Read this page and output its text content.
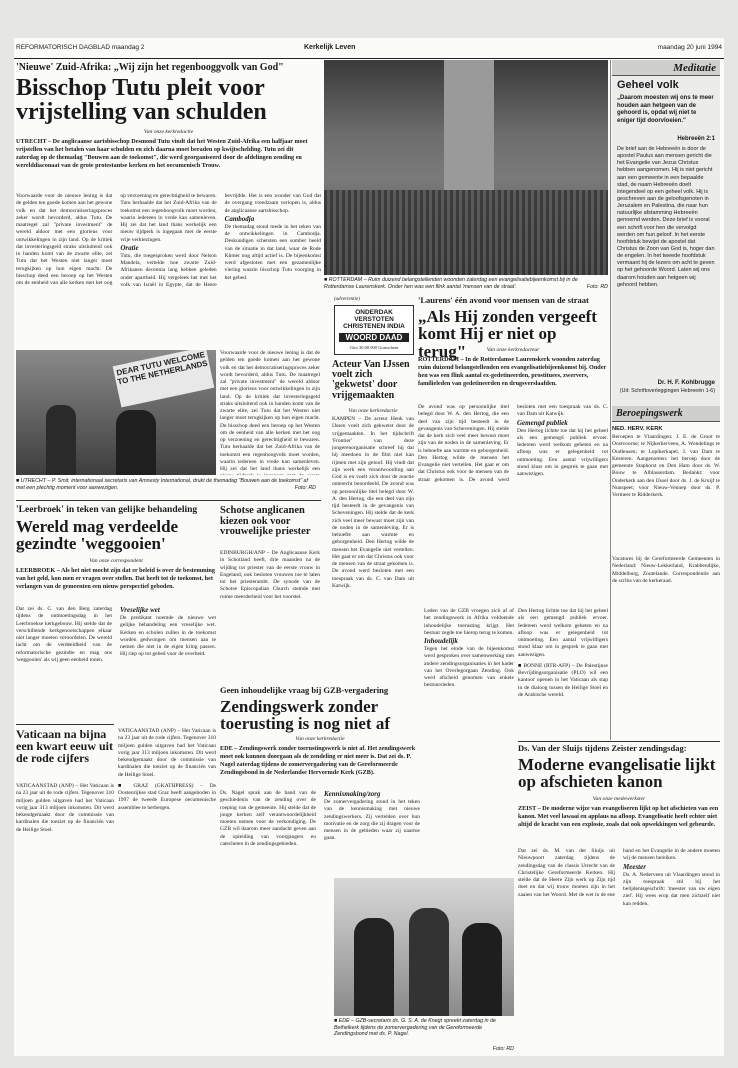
REFORMATORISCH DAGBLAD maandag 2	Kerkelijk Leven	maandag 20 juni 1994
'Nieuwe' Zuid-Afrika: „Wij zijn het regenbooggvolk van God"
Bisschop Tutu pleit voor vrijstelling van schulden
Van onze kerkredactie
UTRECHT – De anglicaanse aartsbisschop Desmond Tutu vindt dat het Westen Zuid-Afrika een halfjaar moet vrijstellen van het betalen van haar schulden en zich daarna moet beraden op kwijtschelding. Tutu zei dit zaterdag op de themadag "Bouwen aan de toekomst", die werd georganiseerd door de afdelingen zending en werelddiaconaat van de grote protestantse kerken en het oecumenisch Trouw.
Voorwaarde voor de nieuwe lening is dat de gelden ten goede komen aan het gewone volk en dat het democratiseringsproces zeker wordt bevorderd, aldus Tutu. De maatregel zal "private investment" de wereld aldoor met een glorieus voor ontwikkelingen in zijn land. Op de kritiek dat investeringsgeld straks uitsluitend ook in handen komt van de zwarte elite, zei Tutu dat het Westen niet langer moet terugkijken op hun eigen macht. De bisschop deed een beroep op het Westen om de eenheid van alle kerken met het oog op verzoening en gerechtigheid te bewaren. Tutu herhaalde dat het Zuid-Afrika van de toekomst een regenboogvolk moet worden, waarin iedereen in vrede kan samenleven. Hij zei dat het land thans werkelijk een nieuw tijdperk is ingegaan met de eerste vrije verkiezingen.
Oratie
Tutu, die toegesproken werd door Nelson Mandela, vertelde hoe zwarte Zuid-Afrikanen decennia lang hebben geleden onder apartheid. Hij vergeleek het met het volk van Israël in Egypte, dat de Heere bevrijdde. Het is een wonder van God dat de overgang vreedzaam verlopen is, aldus de anglicaanse aartsbisschop.
Cambodja
De themadag stond mede in het teken van de ontwikkelingen in Cambodja. Deskundigen schetsten een somber beeld van de situatie in dat land, waar de Rode Khmer nog altijd actief is. De bijeenkomst werd afgesloten met een gezamenlijke viering waarin bisschop Tutu voorging in het gebed.
DEAR TUTU WELCOME TO THE NETHERLANDS
Voorwaarde voor de nieuwe lening is dat de gelden ten goede komen aan het gewone volk en dat het democratiseringsproces zeker wordt bevorderd, aldus Tutu. De maatregel zal "private investment" de wereld aldoor met een glorieus voor ontwikkelingen in zijn land. Op de kritiek dat investeringsgeld straks uitsluitend ook in handen komt van de zwarte elite, zei Tutu dat het Westen niet langer moet terugkijken op hun eigen macht. De bisschop deed een beroep op het Westen om de eenheid van alle kerken met het oog op verzoening en gerechtigheid te bewaren. Tutu herhaalde dat het Zuid-Afrika van de toekomst een regenboogvolk moet worden, waarin iedereen in vrede kan samenleven. Hij zei dat het land thans werkelijk een
■ UTRECHT – P. Smit, internationaal secretaris van Amnesty International, drukt de themadag "Bouwen aan de toekomst" af met een plechtig moment voor aanwezigen.	Foto: RD
■ ROTTERDAM – Ruim duizend belangstellenden woonden zaterdag een evangelisatiebijeenkomst bij in de Rotterdamse Laurenskerk. Onder hen was een flink aantal 'mensen van de straat'.	Foto: RD
(advertentie)
ONDERDAK VERSTOTEN
CHRISTENEN INDIA
WOORD DAAD
Giro 30.00.900 Gorinchem
Acteur Van IJssen voelt zich 'gekwetst' door vrijgemaakten
Van onze kerkredactie
KAMPEN – De acteur Henk van IJssen voelt zich gekwetst door de vrijgemaakten. In het tijdschrift 'Frontier' van deze jongerenorganisatie schreef hij dat hij meedoen in de film niet kan rijmen met zijn geloof. Hij vindt dat zijn werk een verantwoording aan God is en voelt zich door de reactie onterecht beoordeeld. De avond was op persoonlijke titel belegd door W. A. den Hertog, die een deel van zijn tijd besteedt in de gevangenis van Scheveningen. Hij stelde dat de kerk zich veel meer bewust moet zijn van de noden in de samenleving. Er is behoefte aan warmte en geborgenheid. Den Hertog wilde de mensen het Evangelie niet vertellen. Het gaat er om dat Christus ook voor de mensen van de straat gekomen is. De avond werd besloten met een toespraak van ds. C. van Dam uit Katwijk.
'Laurens' één avond voor mensen van de straat
„Als Hij zonden vergeeft komt Hij er niet op terug"	Van onze kerkredacteur
ROTTERDAM – In de Rotterdamse Laurenskerk woonden zaterdag ruim duizend belangstellenden een evangelisatiebijeenkomst bij. Onder hen was een flink aantal ex-gedetineerden, prostituees, zwervers, familieleden van gedetineerden en drugsverslaafden.
De avond was op persoonlijke titel belegd door W. A. den Hertog, die een deel van zijn tijd besteedt in de gevangenis van Scheveningen. Hij stelde dat de kerk zich veel meer bewust moet zijn van de noden in de samenleving. Er is behoefte aan warmte en geborgenheid. Den Hertog wilde de mensen het Evangelie niet vertellen. Het gaat er om dat Christus ook voor de mensen van de straat gekomen is. De avond werd besloten met een toespraak van ds. C. van Dam uit Katwijk.
Gemengd publiek
Den Hertog lichtte toe dat hij het geheel als een gemengd publiek ervoer. Iedereen werd welkom geheten en na afloop was er gelegenheid tot ontmoeting. Een aantal vrijwilligers stond klaar om in gesprek te gaan met aanwezigen.
Meditatie
Geheel volk
„Daarom moesten wij ons te meer houden aan hetgeen van de gehoord is, opdat wij niet te eniger tijd doorvloeien."
Hebreeën 2:1
De brief aan de Hebreeën is door de apostel Paulus aan mensen gericht die het Evangelie van Jezus Christus hebben aangenomen. Hij is niet gericht aan een gemeente in een bepaalde stad, de naam Hebreeën doelt integendeel op een geheel volk. Hij is geschreven aan de geloofsgenoten in Jeruzalem en Palestina, die naar hun natuurlijke afstamming Hebreeën genoemd werden. Deze brief is vooral een schrift voor hen die vervolgd werden om hun geloof. In het eerste hoofdstuk bewijst de apostel dat Christus de Zoon van God is, hoger dan de engelen. In het tweede hoofdstuk vermaant hij de lezers om acht te geven op het gehoorde Woord. Laten wij ons daarom houden aan hetgeen wij gehoord hebben.
Dr. H. F. Kohlbrugge
(Uit: Schriftoverleggingen Hebreeën 1-6)
Beroepingswerk
NED. HERV. KERK
Beroepen te Vlaardingen: J. E. de Groot te Oostvoorne; te Nijkerkerveen, A. Wondelings te Oudleusen; te Lopikerkapel, J. van Dam te Kesteren. Aangenomen: het beroep door de gemeente Staphorst en Den Ham door ds. W. Bouw te Alblasserdam. Bedankt: voor Ouderkerk aan den IJssel door ds. J. de Kruijf te Nunspeet; voor Nieuw-Vennep door ds. P. Vermeer te Ridderkerk.
Vacatures bij de Gereformeerde Gemeenten in Nederland: Nieuw-Lekkerland, Krabbendijke, Middelburg, Zoutelande. Correspondentie aan de scriba van de kerkeraad.
'Leerbroek' in teken van gelijke behandeling
Wereld mag verdeelde gezindte 'weggooien'
Van onze correspondent
LEERBROEK – Als het niet mocht zijn dat er beleid is over de bestemming van het geld, kon men er vragen over stellen. Dat heeft tot de toekomst, het verlangen van de gemeenten een nieuw perspectief geboden.
Dat zei ds. C. van den Berg zaterdag tijdens de ontmoetingsdag in het Leerbroekse kerkgebouw. Hij stelde dat de verschillende kerkgenootschappen elkaar niet langer moeten veroordelen. De wereld lacht om de verdeeldheid van de reformatorische gezindte en mag ons 'weggooien' als wij geen eenheid tonen.
Vreselijke wet
De predikant noemde de nieuwe wet gelijke behandeling een vreselijke wet. Kerken en scholen zullen in de toekomst worden gedwongen om mensen aan te nemen die niet in de eigen kring passen. Hij riep op tot gebed voor de overheid.
Schotse anglicanen kiezen ook voor vrouwelijke priester
EDINBURGH/ANP – De Anglicaanse Kerk in Schotland heeft, drie maanden na de wijding tot priester van de eerste vrouw in Engeland, ook besloten vrouwen toe te laten tot het priesterambt. De synode van de Schotse Episcopalian Church stemde met ruime meerderheid voor het voorstel.
Vaticaan na bijna een kwart eeuw uit de rode cijfers
VATICAANSTAD (ANP) – Het Vaticaan is na 23 jaar uit de rode cijfers. Tegenover 310 miljoen gulden uitgaven had het Vaticaan vorig jaar 313 miljoen inkomsten. Dit werd bekendgemaakt door de commissie van kardinalen die toeziet op de financiën van de Heilige Stoel.
VATICAANSTAD (ANP) – Het Vaticaan is na 23 jaar uit de rode cijfers. Tegenover 310 miljoen gulden uitgaven had het Vaticaan vorig jaar 313 miljoen inkomsten. Dit werd bekendgemaakt door de commissie van kardinalen die toeziet op de financiën van de Heilige Stoel.
■ GRAZ (GKATHPRESS) – De Oostenrijkse stad Graz heeft aangeboden in 1997 de tweede Europese oecumenische assemblee te herbergen.
Geen inhoudelijke vraag bij GZB-vergadering
Zendingswerk zonder toerusting is nog niet af
Van onze kerkredactie
EDE – Zendingswerk zonder toerustingswerk is niet af. Het zendingswerk moet ook kunnen doorgaan als de zendeling er niet meer is. Dat zei ds. P. Nagel zaterdag tijdens de zomervergadering van de Gereformeerde Zendingsbond in de Nederlandse Hervormde Kerk (GZB).
Ds. Nagel sprak aan de hand van de geschiedenis van de zending over de roeping van de gemeente. Hij stelde dat de jonge kerken zelf verantwoordelijkheid moeten nemen voor de verkondiging. De GZB wil daarom meer aandacht geven aan de opleiding van voorgangers en catecheten in de zendingsgebieden.
Kennismaking/zorg
De zomervergadering stond in het teken van de kennismaking met nieuwe zendingswerkers. Zij vertelden over hun motivatie en de zorg die zij dragen voor de mensen in de gebieden waar zij naartoe gaan.
Leden van de GZB vroegen zich af of het zendingswerk in Afrika voldoende inhoudelijke toerusting krijgt. Het bestuur zegde toe hierop terug te komen.
Inhoudelijk
Tegen het einde van de bijeenkomst werd gesproken over samenwerking met andere zendingsorganisaties in het kader van het Overlegorgaan Zending. Ook werd afscheid genomen van enkele bestuursleden.
Den Hertog lichtte toe dat hij het geheel als een gemengd publiek ervoer. Iedereen werd welkom geheten en na afloop was er gelegenheid tot ontmoeting. Een aantal vrijwilligers stond klaar om in gesprek te gaan met aanwezigen.
■ BONNE (RTR-AFP) – De Palestijnse Bevrijdingsorganisatie (PLO) wil een kantoor openen in het Vaticaan als stap in de dialoog tussen de Heilige Stoel en de Arabische wereld.
■ EDE – GZB-secretaris ds. G. S. A. de Knegt spreekt zaterdag in de Bethelkerk tijdens de zomervergadering van de Gereformeerde Zendingsbond met ds. P. Nagel.
Foto: RD
Ds. Van der Sluijs tijdens Zeister zendingsdag:
Moderne evangelisatie lijkt op afschieten kanon
Van onze medewerkster
ZEIST – De moderne wijze van evangeliseren lijkt op het afschieten van een kanon. Met veel lawaai en applaus na afloop. Evangelisatie heeft echter niet altijd de kracht van een explosie, zoals dat ook opwekkingen wel gebeurde.
Dat zei ds. M. van der Sluijs uit Nieuwpoort zaterdag tijdens de zendingsdag van de classis Utrecht van de Christelijke Gereformeerde Kerken. Hij stelde dat de Heere Zijn werk op Zijn tijd doet en dat wij trouw moeten zijn in het zaaien van het Woord. Met de wet in de ene hand en het Evangelie in de andere moeten wij de mensen bereiken.
Meester
Ds. A. Nederveen uit Vlaardingen stond in zijn toespraak stil bij het belijdenisgeschrift: 'meester van uw eigen ziel'. Hij wees erop dat men zichzelf niet kan redden.
